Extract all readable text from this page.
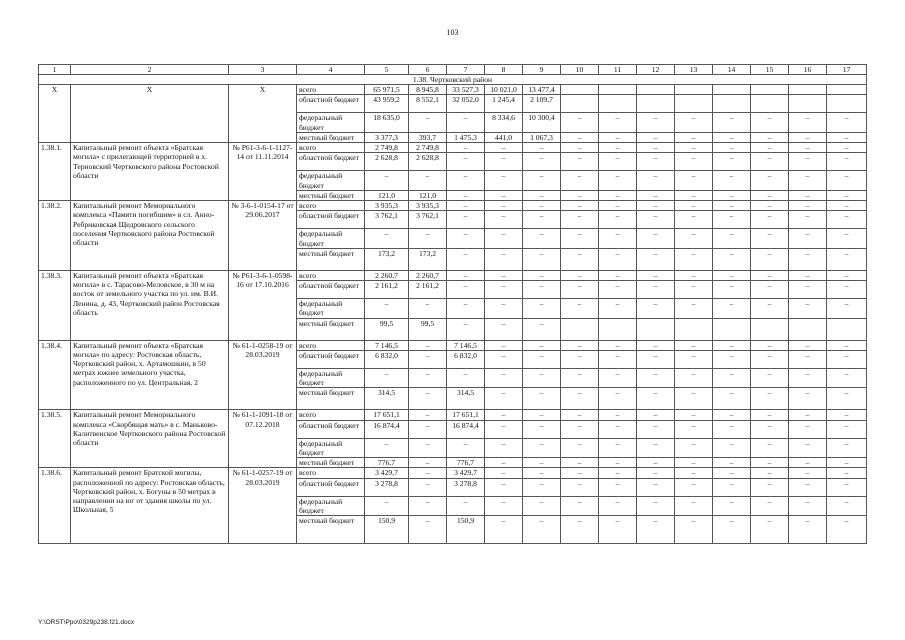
103
1	2	3	4	5	6	7	8	9	10	11	12	13	14	15	16	17
1.38. Чертковский район																
X	X	X	всего	65 971,5	8 945,8	33 527,3	10 021,0	13 477,4								
			областной бюджет	43 959,2	8 552,1	32 052,0	1 245,4	2 109,7								
			федеральный бюджет	18 635,0	–	–	8 334,6	10 300,4	–	–	–	–	–	–	–	–
			местный бюджет	3 377,3	393,7	1 475,3	441,0	1 067,3	–	–	–	–	–	–	–	–
1.38.1.	Капитальный ремонт объекта «Братская могила» с прилегающей территорией в х. Терновский Чертковского района Ростовской области	№ Р61-3-6-1-1127-14 от 11.11.2014	всего	2 749,8	2 749,8	–	–	–	–	–	–	–	–	–	–	–
			областной бюджет	2 628,8	2 628,8	–	–	–	–	–	–	–	–	–	–	–
			федеральный бюджет	–	–	–	–	–	–	–	–	–	–	–	–	–
			местный бюджет	121,0	121,0	–	–	–	–	–	–	–	–	–	–	–
1.38.2.	Капитальный ремонт Мемориального комплекса «Памяти погибшим» в сл. Анно-Ребриковская Щедровского сельского поселения Чертковского района Ростовской области	№ 3-6-1-0154-17 от 29.06.2017	всего	3 935,3	3 935,3	–	–	–	–	–	–	–	–	–	–	–
			областной бюджет	3 762,1	3 762,1	–	–	–	–	–	–	–	–	–	–	–
			федеральный бюджет	–	–	–	–	–	–	–	–	–	–	–	–	–
			местный бюджет	173,2	173,2	–	–	–	–	–	–	–	–	–	–	–
1.38.3.	Капитальный ремонт объекта «Братская могила» в с. Тарасово-Меловское, в 30 м на восток от земельного участка по ул. им. В.И. Ленина, д. 43, Чертковский район Ростовская область	№ Р61-3-6-1-0598-16 от 17.10.2016	всего	2 260,7	2 260,7	–	–	–	–	–	–	–	–	–	–	–
			областной бюджет	2 161,2	2 161,2	–	–	–	–	–	–	–	–	–	–	–
			федеральный бюджет	–	–	–	–	–	–	–	–	–	–	–	–	–
			местный бюджет	99,5	99,5	–	–	–								
1.38.4.	Капитальный ремонт объекта «Братская могила» по адресу: Ростовская область, Чертковский район, х. Артамошкин, в 50 метрах южнее земельного участка, расположенного по ул. Центральная, 2	№ 61-1-0258-19 от 28.03.2019	всего	7 146,5	–	7 146,5	–	–	–	–	–	–	–	–	–	–
			областной бюджет	6 832,0	–	6 832,0	–	–	–	–	–	–	–	–	–	–
			федеральный бюджет	–	–	–	–	–	–	–	–	–	–	–	–	–
			местный бюджет	314,5	–	314,5	–	–	–	–	–	–	–	–	–	–
1.38.5.	Капитальный ремонт Мемориального комплекса «Скорбящая мать» в с. Маньково-Калитвенское Чертковского района Ростовской области	№ 61-1-1091-18 от 07.12.2018	всего	17 651,1	–	17 651,1	–	–	–	–	–	–	–	–	–	–
			областной бюджет	16 874,4	–	16 874,4	–	–	–	–	–	–	–	–	–	–
			федеральный бюджет	–	–	–	–	–	–	–	–	–	–	–	–	–
			местный бюджет	776,7	–	776,7	–	–	–	–	–	–	–	–	–	–
1.38.6.	Капитальный ремонт Братской могилы, расположенной по адресу: Ростовская область, Чертковский район, х. Богуны в 50 метрах в направлении на юг от здания школы по ул. Школьная, 5	№ 61-1-0257-19 от 28.03.2019	всего	3 429,7	–	3 429,7	–	–	–	–	–	–	–	–	–	–
			областной бюджет	3 278,8	–	3 278,8	–	–	–	–	–	–	–	–	–	–
			федеральный бюджет	–	–	–	–	–	–	–	–	–	–	–	–	–
			местный бюджет	150,9	–	150,9	–	–	–	–	–	–	–	–	–	–
Y:\ORST\Ppo\0329p238.f21.docx
